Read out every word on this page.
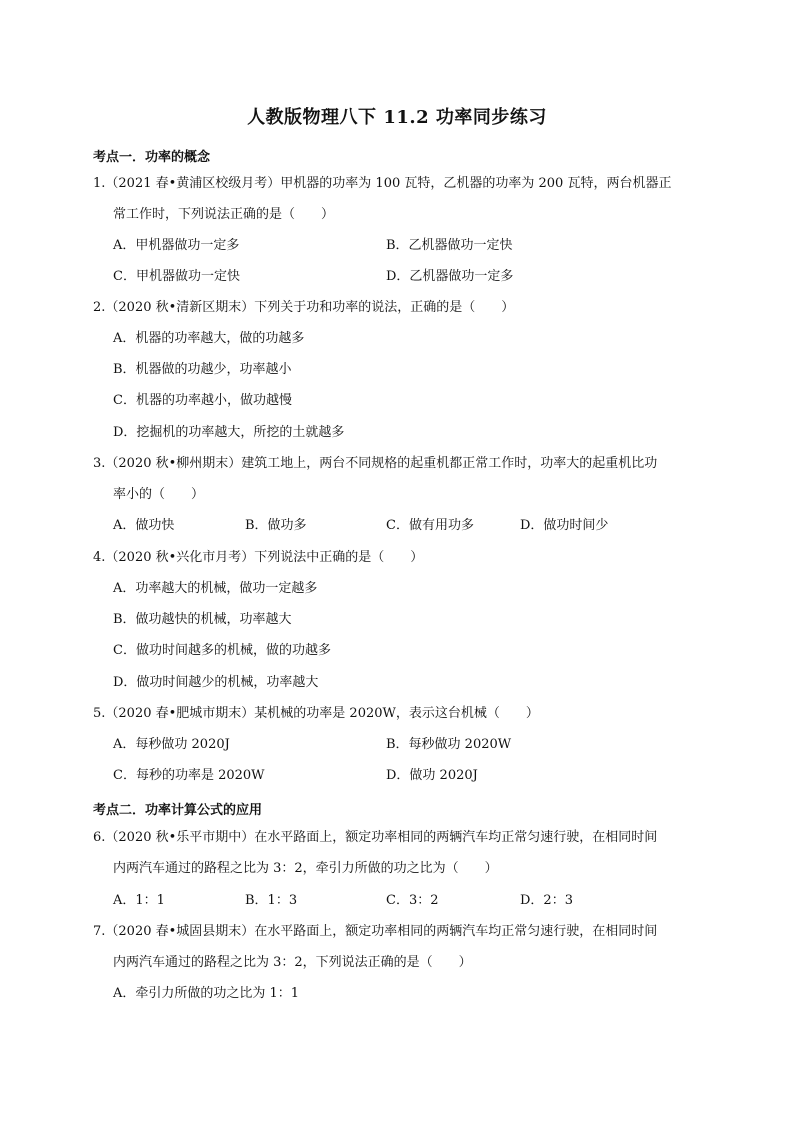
人教版物理八下 11.2 功率同步练习
考点一．功率的概念
1.（2021 春•黄浦区校级月考）甲机器的功率为 100 瓦特，乙机器的功率为 200 瓦特，两台机器正
常工作时，下列说法正确的是（　　）
A．甲机器做功一定多	B．乙机器做功一定快
C．甲机器做功一定快	D．乙机器做功一定多
2.（2020 秋•清新区期末）下列关于功和功率的说法，正确的是（　　）
A．机器的功率越大，做的功越多
B．机器做的功越少，功率越小
C．机器的功率越小，做功越慢
D．挖掘机的功率越大，所挖的土就越多
3.（2020 秋•柳州期末）建筑工地上，两台不同规格的起重机都正常工作时，功率大的起重机比功
率小的（　　）
A．做功快	B．做功多	C．做有用功多	D．做功时间少
4.（2020 秋•兴化市月考）下列说法中正确的是（　　）
A．功率越大的机械，做功一定越多
B．做功越快的机械，功率越大
C．做功时间越多的机械，做的功越多
D．做功时间越少的机械，功率越大
5.（2020 春•肥城市期末）某机械的功率是 2020W，表示这台机械（　　）
A．每秒做功 2020J	B．每秒做功 2020W
C．每秒的功率是 2020W	D．做功 2020J
考点二．功率计算公式的应用
6.（2020 秋•乐平市期中）在水平路面上，额定功率相同的两辆汽车均正常匀速行驶，在相同时间
内两汽车通过的路程之比为 3：2，牵引力所做的功之比为（　　）
A．1：1	B．1：3	C．3：2	D．2：3
7.（2020 春•城固县期末）在水平路面上，额定功率相同的两辆汽车均正常匀速行驶，在相同时间
内两汽车通过的路程之比为 3：2，下列说法正确的是（　　）
A．牵引力所做的功之比为 1：1
